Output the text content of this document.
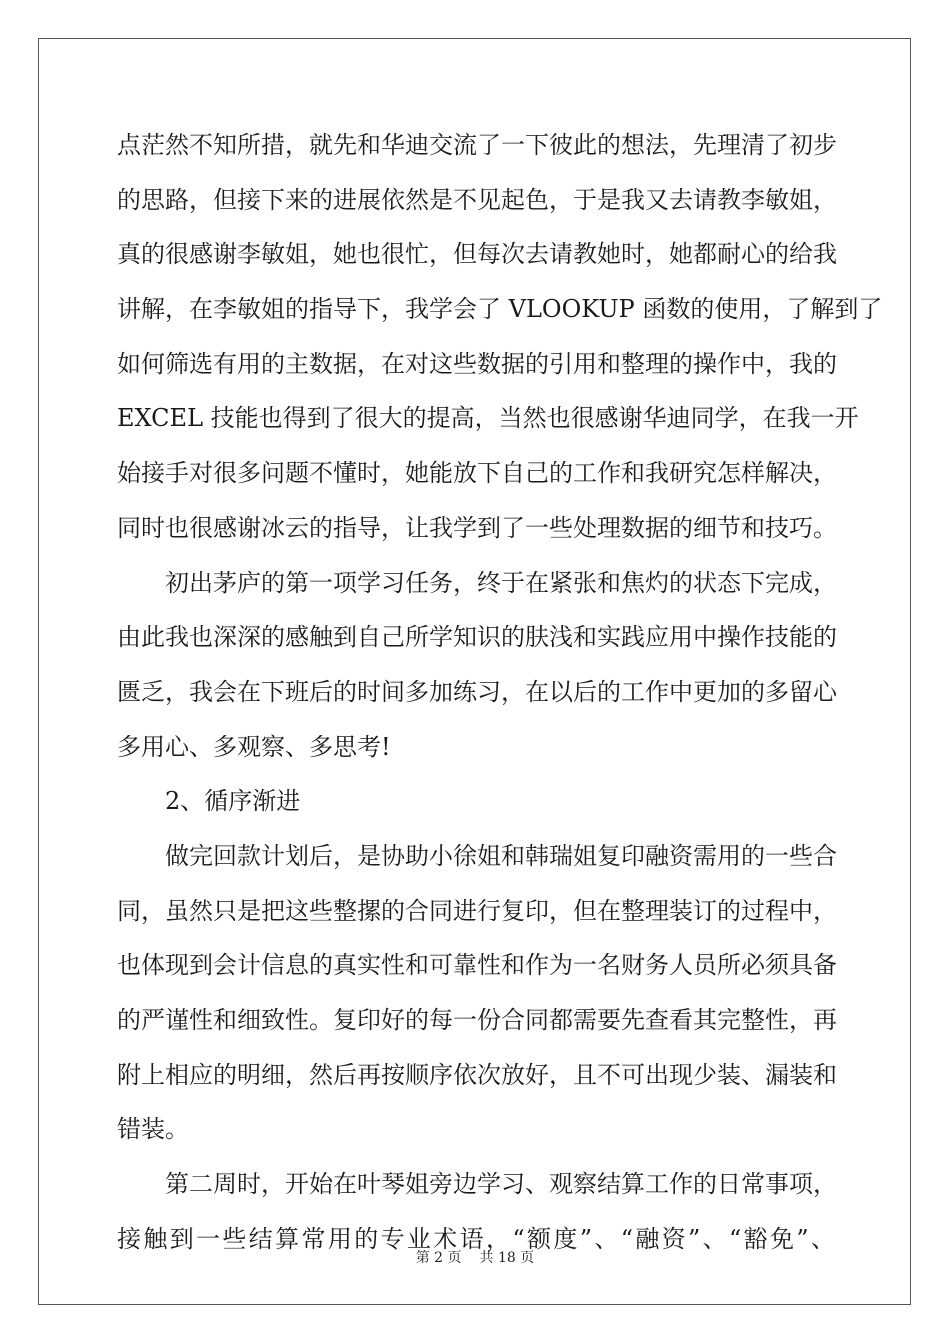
点茫然不知所措，就先和华迪交流了一下彼此的想法，先理清了初步
的思路，但接下来的进展依然是不见起色，于是我又去请教李敏姐，
真的很感谢李敏姐，她也很忙，但每次去请教她时，她都耐心的给我
讲解，在李敏姐的指导下，我学会了 VLOOKUP 函数的使用，了解到了
如何筛选有用的主数据，在对这些数据的引用和整理的操作中，我的
EXCEL 技能也得到了很大的提高，当然也很感谢华迪同学，在我一开
始接手对很多问题不懂时，她能放下自己的工作和我研究怎样解决，
同时也很感谢冰云的指导，让我学到了一些处理数据的细节和技巧。
初出茅庐的第一项学习任务，终于在紧张和焦灼的状态下完成，
由此我也深深的感触到自己所学知识的肤浅和实践应用中操作技能的
匮乏，我会在下班后的时间多加练习，在以后的工作中更加的多留心
多用心、多观察、多思考!
2、循序渐进
做完回款计划后，是协助小徐姐和韩瑞姐复印融资需用的一些合
同，虽然只是把这些整摞的合同进行复印，但在整理装订的过程中，
也体现到会计信息的真实性和可靠性和作为一名财务人员所必须具备
的严谨性和细致性。复印好的每一份合同都需要先查看其完整性，再
附上相应的明细，然后再按顺序依次放好，且不可出现少装、漏装和
错装。
第二周时，开始在叶琴姐旁边学习、观察结算工作的日常事项，
接触到一些结算常用的专业术语，“额度”、“融资”、“豁免”、
第 2 页 共 18 页
